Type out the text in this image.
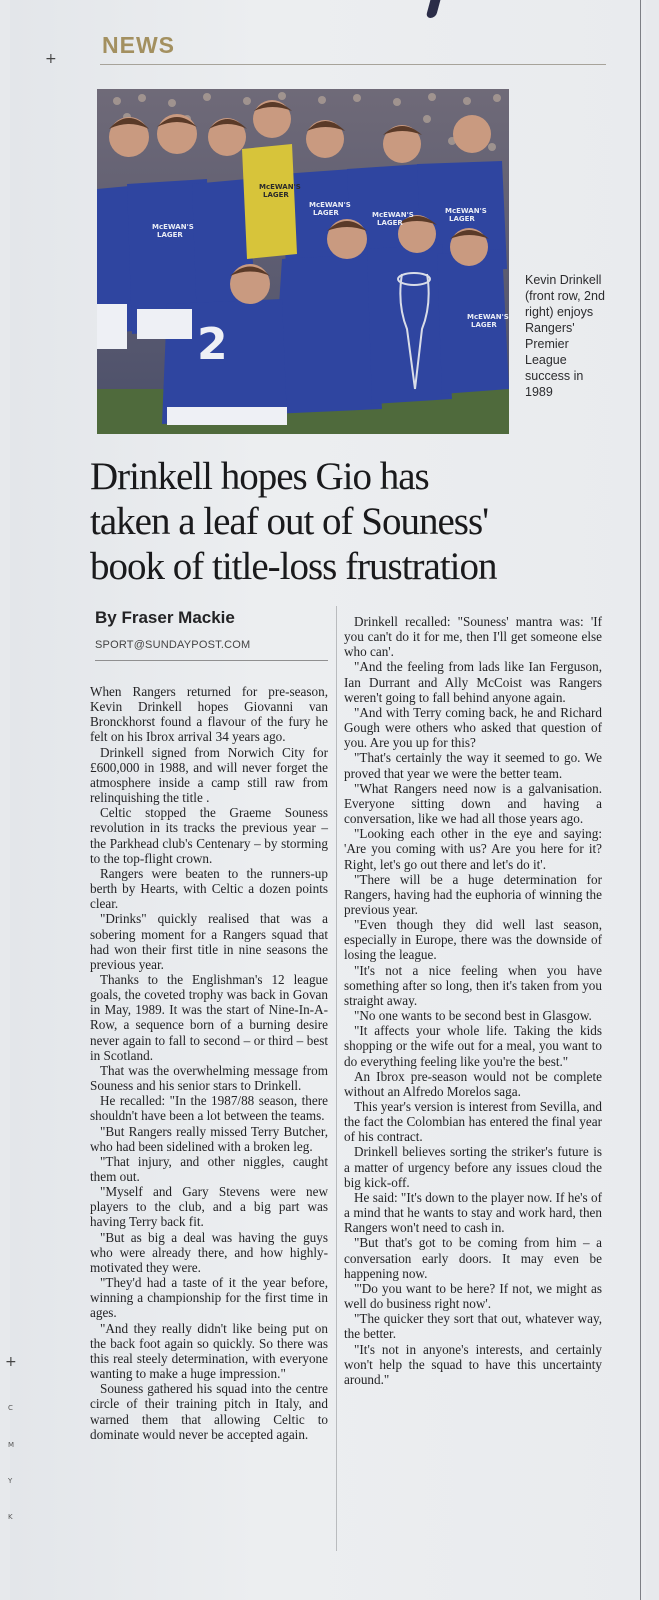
+
+
C
M
Y
K
NEWS
2
McEWAN'S
LAGER
McEWAN'S
LAGER
McEWAN'S
LAGER	McEWAN'S
LAGER
McEWAN'S
LAGER
McEWAN'S
LAGER
Kevin Drinkell (front row, 2nd right) enjoys Rangers' Premier League success in 1989
Drinkell hopes Gio has
taken a leaf out of Souness'
book of title-loss frustration
By Fraser Mackie
SPORT@SUNDAYPOST.COM

When Rangers returned for pre-season, Kevin Drinkell hopes Giovanni van Bronckhorst found a flavour of the fury he felt on his Ibrox arrival 34 years ago.

Drinkell signed from Norwich City for £600,000 in 1988, and will never forget the atmosphere inside a camp still raw from relinquishing the title .

Celtic stopped the Graeme Souness revolution in its tracks the previous year – the Parkhead club's Centenary – by storming to the top-flight crown.

Rangers were beaten to the runners-up berth by Hearts, with Celtic a dozen points clear.

"Drinks" quickly realised that was a sobering moment for a Rangers squad that had won their first title in nine seasons the previous year.

Thanks to the Englishman's 12 league goals, the coveted trophy was back in Govan in May, 1989. It was the start of Nine-In-A-Row, a sequence born of a burning desire never again to fall to second – or third – best in Scotland.

That was the overwhelming message from Souness and his senior stars to Drinkell.

He recalled: "In the 1987/88 season, there shouldn't have been a lot between the teams.

"But Rangers really missed Terry Butcher, who had been sidelined with a broken leg.

"That injury, and other niggles, caught them out.

"Myself and Gary Stevens were new players to the club, and a big part was having Terry back fit.

"But as big a deal was having the guys who were already there, and how highly-motivated they were.

"They'd had a taste of it the year before, winning a championship for the first time in ages.

"And they really didn't like being put on the back foot again so quickly. So there was this real steely determination, with everyone wanting to make a huge impression."

Souness gathered his squad into the centre circle of their training pitch in Italy, and warned them that allowing Celtic to dominate would never be accepted again.

Drinkell recalled: "Souness' mantra was: 'If you can't do it for me, then I'll get someone else who can'.

"And the feeling from lads like Ian Ferguson, Ian Durrant and Ally McCoist was Rangers weren't going to fall behind anyone again.

"And with Terry coming back, he and Richard Gough were others who asked that question of you. Are you up for this?

"That's certainly the way it seemed to go. We proved that year we were the better team.

"What Rangers need now is a galvanisation. Everyone sitting down and having a conversation, like we had all those years ago.

"Looking each other in the eye and saying: 'Are you coming with us? Are you here for it? Right, let's go out there and let's do it'.

"There will be a huge determination for Rangers, having had the euphoria of winning the previous year.

"Even though they did well last season, especially in Europe, there was the downside of losing the league.

"It's not a nice feeling when you have something after so long, then it's taken from you straight away.

"No one wants to be second best in Glasgow.

"It affects your whole life. Taking the kids shopping or the wife out for a meal, you want to do everything feeling like you're the best."

An Ibrox pre-season would not be complete without an Alfredo Morelos saga.

This year's version is interest from Sevilla, and the fact the Colombian has entered the final year of his contract.

Drinkell believes sorting the striker's future is a matter of urgency before any issues cloud the big kick-off.

He said: "It's down to the player now. If he's of a mind that he wants to stay and work hard, then Rangers won't need to cash in.

"But that's got to be coming from him – a conversation early doors. It may even be happening now.

"'Do you want to be here? If not, we might as well do business right now'.

"The quicker they sort that out, whatever way, the better.

"It's not in anyone's interests, and certainly won't help the squad to have this uncertainty around."
